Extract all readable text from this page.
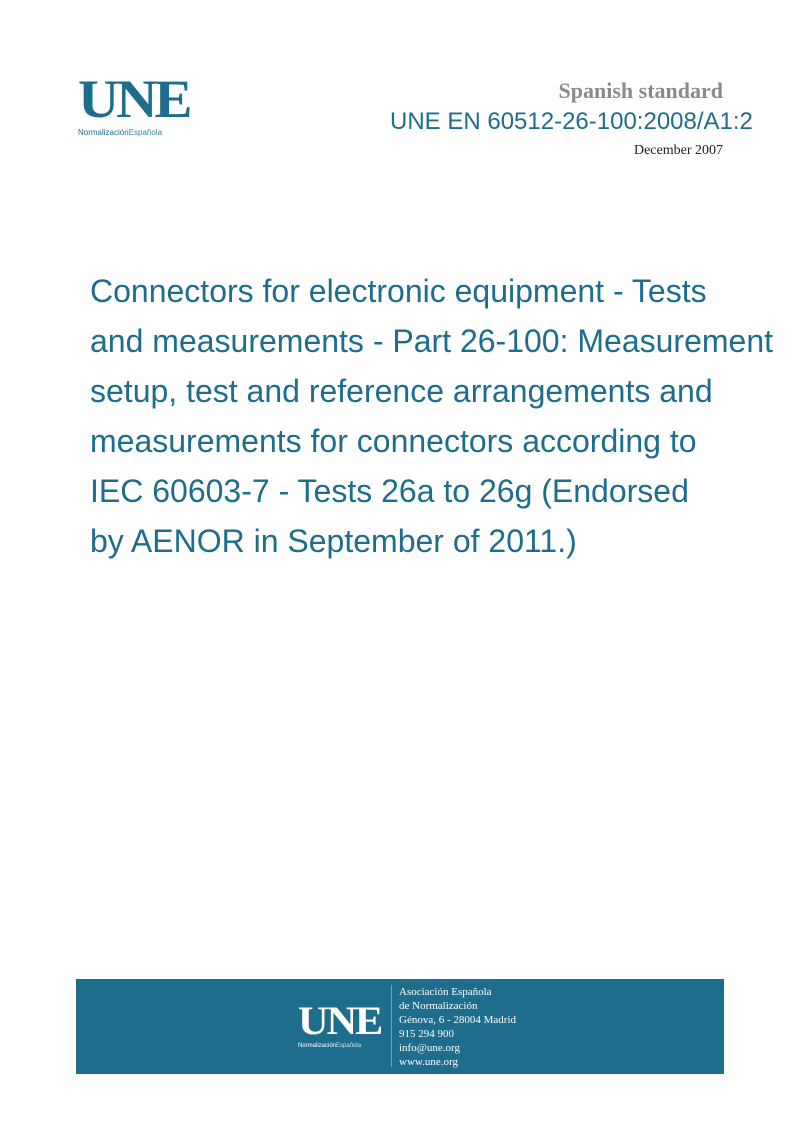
UNE
NormalizaciónEspañola
Spanish standard
UNE EN 60512-26-100:2008/A1:2
December 2007
Connectors for electronic equipment - Tests
and measurements - Part 26-100: Measurement
setup, test and reference arrangements and
measurements for connectors according to
IEC 60603-7 - Tests 26a to 26g (Endorsed
by AENOR in September of 2011.)
UNE
NormalizaciónEspañola
Asociación Española
de Normalización
Génova, 6 - 28004 Madrid
915 294 900
info@une.org
www.une.org
